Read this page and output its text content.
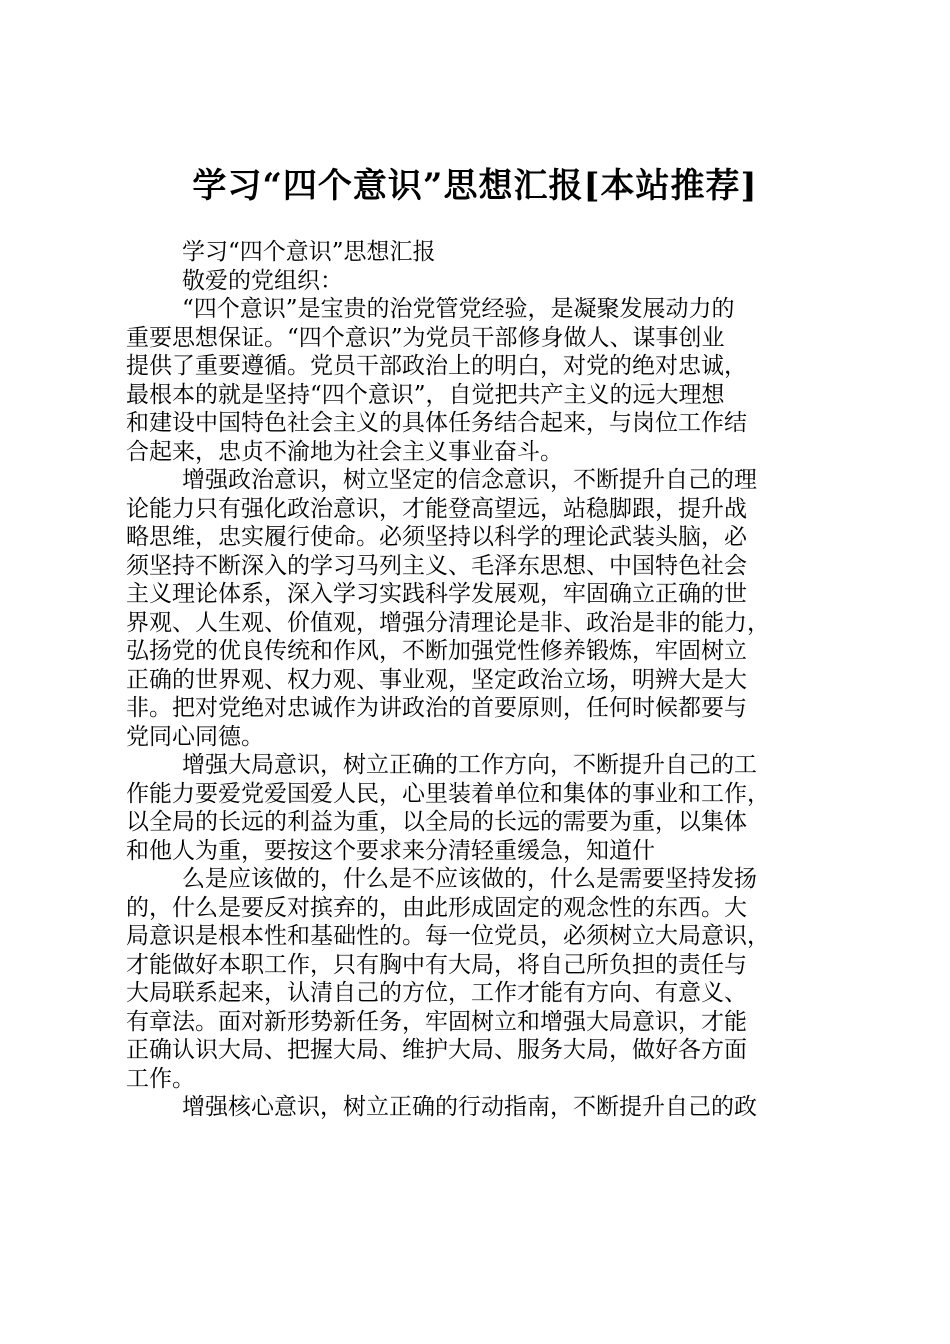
学习“四个意识”思想汇报[本站推荐]
学习“四个意识”思想汇报
敬爱的党组织：
“四个意识”是宝贵的治党管党经验，是凝聚发展动力的
重要思想保证。“四个意识”为党员干部修身做人、谋事创业
提供了重要遵循。党员干部政治上的明白，对党的绝对忠诚，
最根本的就是坚持“四个意识”，自觉把共产主义的远大理想
和建设中国特色社会主义的具体任务结合起来，与岗位工作结
合起来，忠贞不渝地为社会主义事业奋斗。
增强政治意识，树立坚定的信念意识，不断提升自己的理
论能力只有强化政治意识，才能登高望远，站稳脚跟，提升战
略思维，忠实履行使命。必须坚持以科学的理论武装头脑，必
须坚持不断深入的学习马列主义、毛泽东思想、中国特色社会
主义理论体系，深入学习实践科学发展观，牢固确立正确的世
界观、人生观、价值观，增强分清理论是非、政治是非的能力，
弘扬党的优良传统和作风，不断加强党性修养锻炼，牢固树立
正确的世界观、权力观、事业观，坚定政治立场，明辨大是大
非。把对党绝对忠诚作为讲政治的首要原则，任何时候都要与
党同心同德。
增强大局意识，树立正确的工作方向，不断提升自己的工
作能力要爱党爱国爱人民，心里装着单位和集体的事业和工作，
以全局的长远的利益为重，以全局的长远的需要为重，以集体
和他人为重，要按这个要求来分清轻重缓急，知道什
么是应该做的，什么是不应该做的，什么是需要坚持发扬
的，什么是要反对摈弃的，由此形成固定的观念性的东西。大
局意识是根本性和基础性的。每一位党员，必须树立大局意识，
才能做好本职工作，只有胸中有大局，将自己所负担的责任与
大局联系起来，认清自己的方位，工作才能有方向、有意义、
有章法。面对新形势新任务，牢固树立和增强大局意识，才能
正确认识大局、把握大局、维护大局、服务大局，做好各方面
工作。
增强核心意识，树立正确的行动指南，不断提升自己的政
